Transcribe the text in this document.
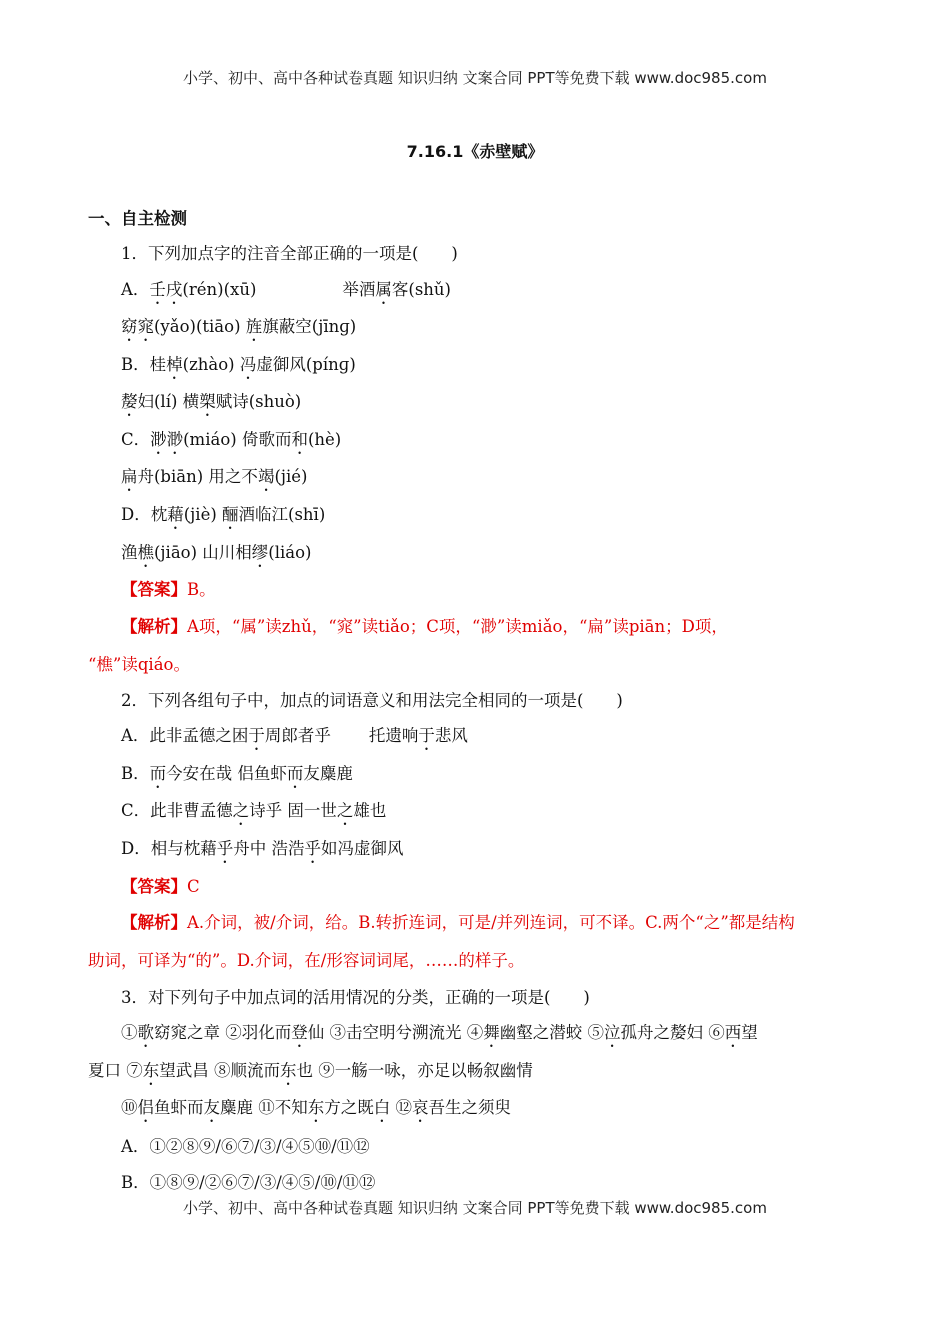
小学、初中、高中各种试卷真题 知识归纳 文案合同 PPT等免费下载 www.doc985.com
7.16.1《赤壁赋》
一、自主检测
1．下列加点字的注音全部正确的一项是(　　)
A．壬戌(rén)(xū)	举酒属客(shǔ)
窈窕(yǎo)(tiāo) 旌旗蔽空(jīnɡ)
B．桂棹(zhào) 冯虚御风(pínɡ)
嫠妇(lí) 横槊赋诗(shuò)
C．渺渺(miáo) 倚歌而和(hè)
扁舟(biān) 用之不竭(jié)
D．枕藉(jiè) 酾酒临江(shī)
渔樵(jiāo) 山川相缪(liáo)
【答案】B。
【解析】A项，“属”读zhǔ，“窕”读tiǎo；C项，“渺”读miǎo，“扁”读piān；D项，
“樵”读qiáo。
2．下列各组句子中，加点的词语意义和用法完全相同的一项是(　　)
A．此非孟德之困于周郎者乎 托遗响于悲风
B．而今安在哉 侣鱼虾而友麋鹿
C．此非曹孟德之诗乎 固一世之雄也
D．相与枕藉乎舟中 浩浩乎如冯虚御风
【答案】C
【解析】A.介词，被/介词，给。B.转折连词，可是/并列连词，可不译。C.两个“之”都是结构
助词，可译为“的”。D.介词，在/形容词词尾，……的样子。
3．对下列句子中加点词的活用情况的分类，正确的一项是(　　)
①歌窈窕之章 ②羽化而登仙 ③击空明兮溯流光 ④舞幽壑之潜蛟 ⑤泣孤舟之嫠妇 ⑥西望
夏口 ⑦东望武昌 ⑧顺流而东也 ⑨一觞一咏，亦足以畅叙幽情
⑩侣鱼虾而友麋鹿 ⑪不知东方之既白 ⑫哀吾生之须臾
A．①②⑧⑨/⑥⑦/③/④⑤⑩/⑪⑫
B．①⑧⑨/②⑥⑦/③/④⑤/⑩/⑪⑫
小学、初中、高中各种试卷真题 知识归纳 文案合同 PPT等免费下载 www.doc985.com
